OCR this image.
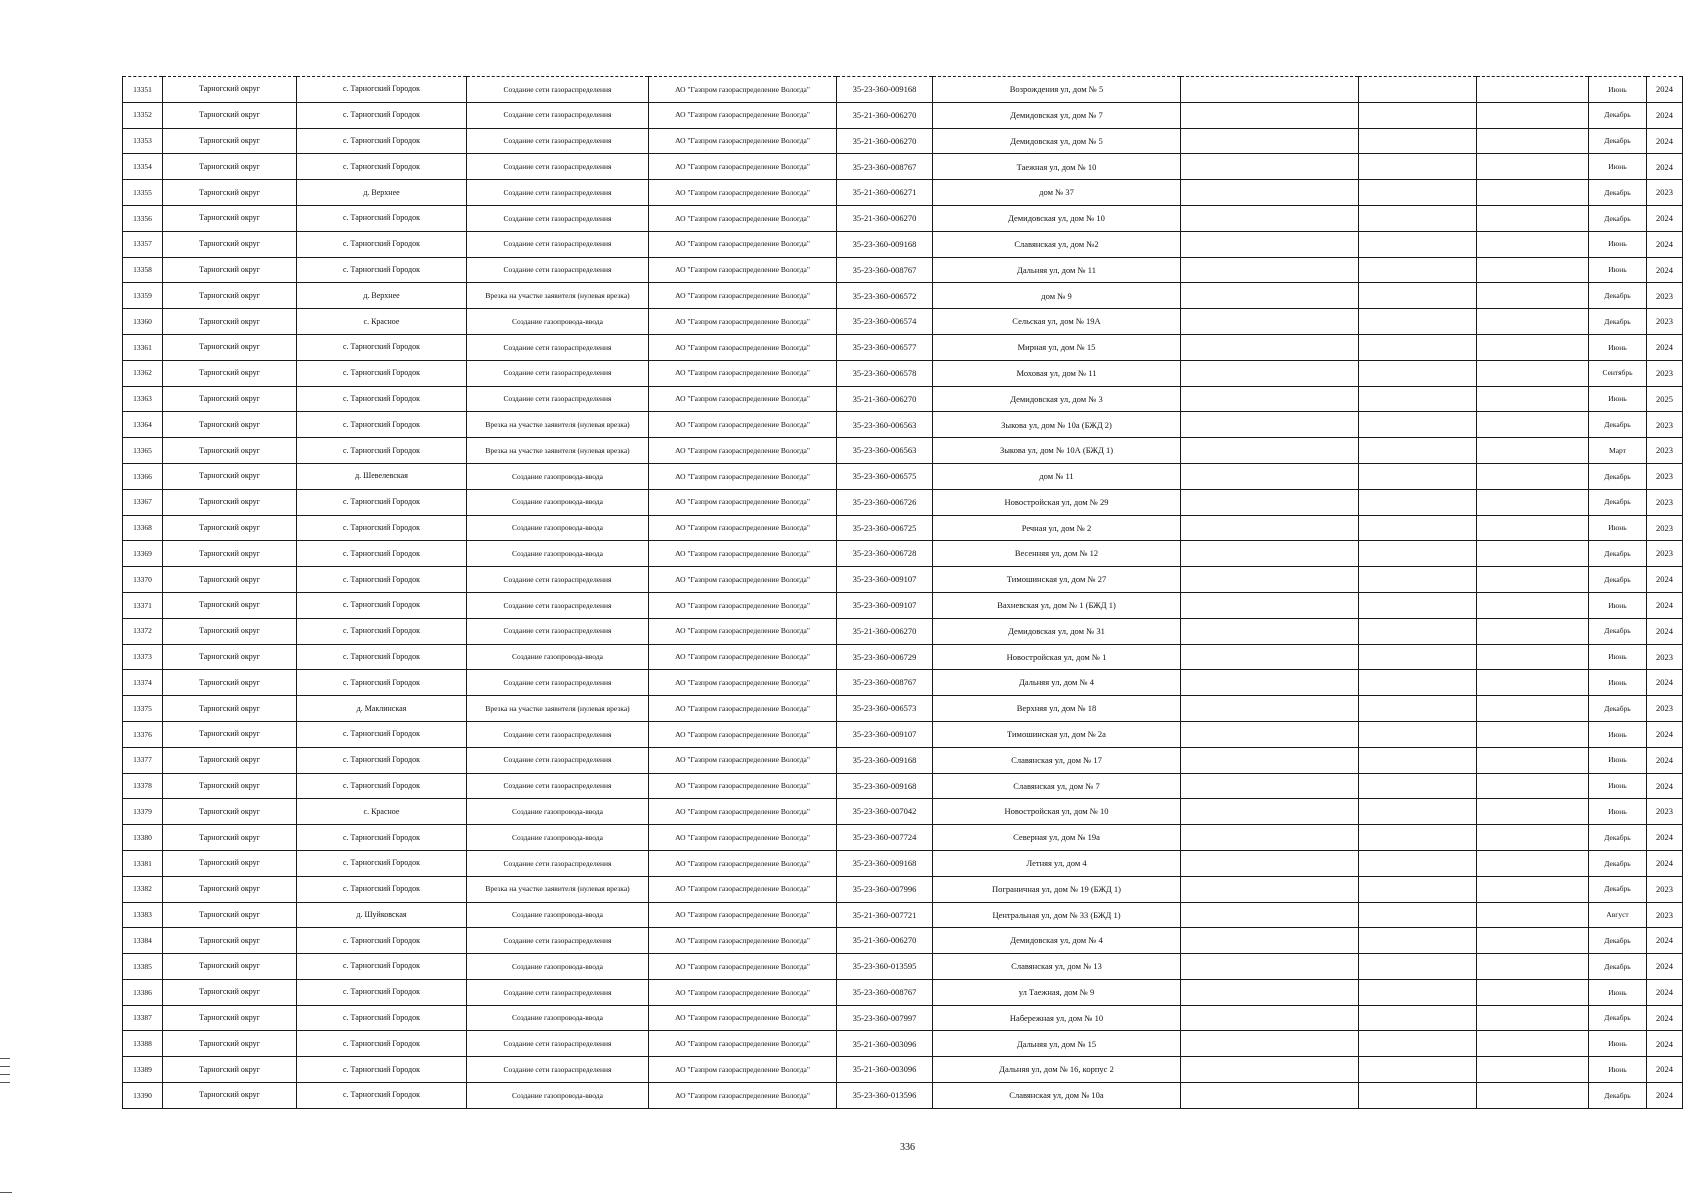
13351	Тарногский округ	с. Тарногский Городок	Создание сети газораспределения	АО "Газпром газораспределение Вологда"	35-23-360-009168	Возрождения ул, дом № 5				Июнь	2024
13352	Тарногский округ	с. Тарногский Городок	Создание сети газораспределения	АО "Газпром газораспределение Вологда"	35-21-360-006270	Демидовская ул, дом № 7				Декабрь	2024
13353	Тарногский округ	с. Тарногский Городок	Создание сети газораспределения	АО "Газпром газораспределение Вологда"	35-21-360-006270	Демидовская ул, дом № 5				Декабрь	2024
13354	Тарногский округ	с. Тарногский Городок	Создание сети газораспределения	АО "Газпром газораспределение Вологда"	35-23-360-008767	Таежная ул, дом № 10				Июнь	2024
13355	Тарногский округ	д. Верхнее	Создание сети газораспределения	АО "Газпром газораспределение Вологда"	35-21-360-006271	дом № 37				Декабрь	2023
13356	Тарногский округ	с. Тарногский Городок	Создание сети газораспределения	АО "Газпром газораспределение Вологда"	35-21-360-006270	Демидовская ул, дом № 10				Декабрь	2024
13357	Тарногский округ	с. Тарногский Городок	Создание сети газораспределения	АО "Газпром газораспределение Вологда"	35-23-360-009168	Славянская ул, дом №2				Июнь	2024
13358	Тарногский округ	с. Тарногский Городок	Создание сети газораспределения	АО "Газпром газораспределение Вологда"	35-23-360-008767	Дальняя ул, дом № 11				Июнь	2024
13359	Тарногский округ	д. Верхнее	Врезка на участке заявителя (нулевая врезка)	АО "Газпром газораспределение Вологда"	35-23-360-006572	дом № 9				Декабрь	2023
13360	Тарногский округ	с. Красное	Создание газопровода-ввода	АО "Газпром газораспределение Вологда"	35-23-360-006574	Сельская ул, дом № 19А				Декабрь	2023
13361	Тарногский округ	с. Тарногский Городок	Создание сети газораспределения	АО "Газпром газораспределение Вологда"	35-23-360-006577	Мирная ул, дом № 15				Июнь	2024
13362	Тарногский округ	с. Тарногский Городок	Создание сети газораспределения	АО "Газпром газораспределение Вологда"	35-23-360-006578	Моховая ул, дом № 11				Сентябрь	2023
13363	Тарногский округ	с. Тарногский Городок	Создание сети газораспределения	АО "Газпром газораспределение Вологда"	35-21-360-006270	Демидовская ул, дом № 3				Июнь	2025
13364	Тарногский округ	с. Тарногский Городок	Врезка на участке заявителя (нулевая врезка)	АО "Газпром газораспределение Вологда"	35-23-360-006563	Зыкова ул, дом № 10а (БЖД 2)				Декабрь	2023
13365	Тарногский округ	с. Тарногский Городок	Врезка на участке заявителя (нулевая врезка)	АО "Газпром газораспределение Вологда"	35-23-360-006563	Зыкова ул, дом № 10А (БЖД 1)				Март	2023
13366	Тарногский округ	д. Шевелевская	Создание газопровода-ввода	АО "Газпром газораспределение Вологда"	35-23-360-006575	дом № 11				Декабрь	2023
13367	Тарногский округ	с. Тарногский Городок	Создание газопровода-ввода	АО "Газпром газораспределение Вологда"	35-23-360-006726	Новостройская ул, дом № 29				Декабрь	2023
13368	Тарногский округ	с. Тарногский Городок	Создание газопровода-ввода	АО "Газпром газораспределение Вологда"	35-23-360-006725	Речная ул, дом № 2				Июнь	2023
13369	Тарногский округ	с. Тарногский Городок	Создание газопровода-ввода	АО "Газпром газораспределение Вологда"	35-23-360-006728	Весенняя ул, дом № 12				Декабрь	2023
13370	Тарногский округ	с. Тарногский Городок	Создание сети газораспределения	АО "Газпром газораспределение Вологда"	35-23-360-009107	Тимошинская ул, дом № 27				Декабрь	2024
13371	Тарногский округ	с. Тарногский Городок	Создание сети газораспределения	АО "Газпром газораспределение Вологда"	35-23-360-009107	Вахневская ул, дом № 1 (БЖД 1)				Июнь	2024
13372	Тарногский округ	с. Тарногский Городок	Создание сети газораспределения	АО "Газпром газораспределение Вологда"	35-21-360-006270	Демидовская ул, дом № 31				Декабрь	2024
13373	Тарногский округ	с. Тарногский Городок	Создание газопровода-ввода	АО "Газпром газораспределение Вологда"	35-23-360-006729	Новостройская ул, дом № 1				Июнь	2023
13374	Тарногский округ	с. Тарногский Городок	Создание сети газораспределения	АО "Газпром газораспределение Вологда"	35-23-360-008767	Дальняя ул, дом № 4				Июнь	2024
13375	Тарногский округ	д. Маклинская	Врезка на участке заявителя (нулевая врезка)	АО "Газпром газораспределение Вологда"	35-23-360-006573	Верхняя ул, дом № 18				Декабрь	2023
13376	Тарногский округ	с. Тарногский Городок	Создание сети газораспределения	АО "Газпром газораспределение Вологда"	35-23-360-009107	Тимошинская ул, дом № 2а				Июнь	2024
13377	Тарногский округ	с. Тарногский Городок	Создание сети газораспределения	АО "Газпром газораспределение Вологда"	35-23-360-009168	Славянская ул, дом № 17				Июнь	2024
13378	Тарногский округ	с. Тарногский Городок	Создание сети газораспределения	АО "Газпром газораспределение Вологда"	35-23-360-009168	Славянская ул, дом № 7				Июнь	2024
13379	Тарногский округ	с. Красное	Создание газопровода-ввода	АО "Газпром газораспределение Вологда"	35-23-360-007042	Новостройская ул, дом № 10				Июнь	2023
13380	Тарногский округ	с. Тарногский Городок	Создание газопровода-ввода	АО "Газпром газораспределение Вологда"	35-23-360-007724	Северная ул, дом № 19а				Декабрь	2024
13381	Тарногский округ	с. Тарногский Городок	Создание сети газораспределения	АО "Газпром газораспределение Вологда"	35-23-360-009168	Летняя ул, дом 4				Декабрь	2024
13382	Тарногский округ	с. Тарногский Городок	Врезка на участке заявителя (нулевая врезка)	АО "Газпром газораспределение Вологда"	35-23-360-007996	Пограничная ул, дом № 19 (БЖД 1)				Декабрь	2023
13383	Тарногский округ	д. Шуйковская	Создание газопровода-ввода	АО "Газпром газораспределение Вологда"	35-21-360-007721	Центральная ул, дом № 33 (БЖД 1)				Август	2023
13384	Тарногский округ	с. Тарногский Городок	Создание сети газораспределения	АО "Газпром газораспределение Вологда"	35-21-360-006270	Демидовская ул, дом № 4				Декабрь	2024
13385	Тарногский округ	с. Тарногский Городок	Создание газопровода-ввода	АО "Газпром газораспределение Вологда"	35-23-360-013595	Славянская ул, дом № 13				Декабрь	2024
13386	Тарногский округ	с. Тарногский Городок	Создание сети газораспределения	АО "Газпром газораспределение Вологда"	35-23-360-008767	ул Таежная, дом № 9				Июнь	2024
13387	Тарногский округ	с. Тарногский Городок	Создание газопровода-ввода	АО "Газпром газораспределение Вологда"	35-23-360-007997	Набережная ул, дом № 10				Декабрь	2024
13388	Тарногский округ	с. Тарногский Городок	Создание сети газораспределения	АО "Газпром газораспределение Вологда"	35-21-360-003096	Дальняя ул, дом № 15				Июнь	2024
13389	Тарногский округ	с. Тарногский Городок	Создание сети газораспределения	АО "Газпром газораспределение Вологда"	35-21-360-003096	Дальняя ул, дом № 16, корпус 2				Июнь	2024
13390	Тарногский округ	с. Тарногский Городок	Создание газопровода-ввода	АО "Газпром газораспределение Вологда"	35-23-360-013596	Славянская ул, дом № 10а				Декабрь	2024
336
